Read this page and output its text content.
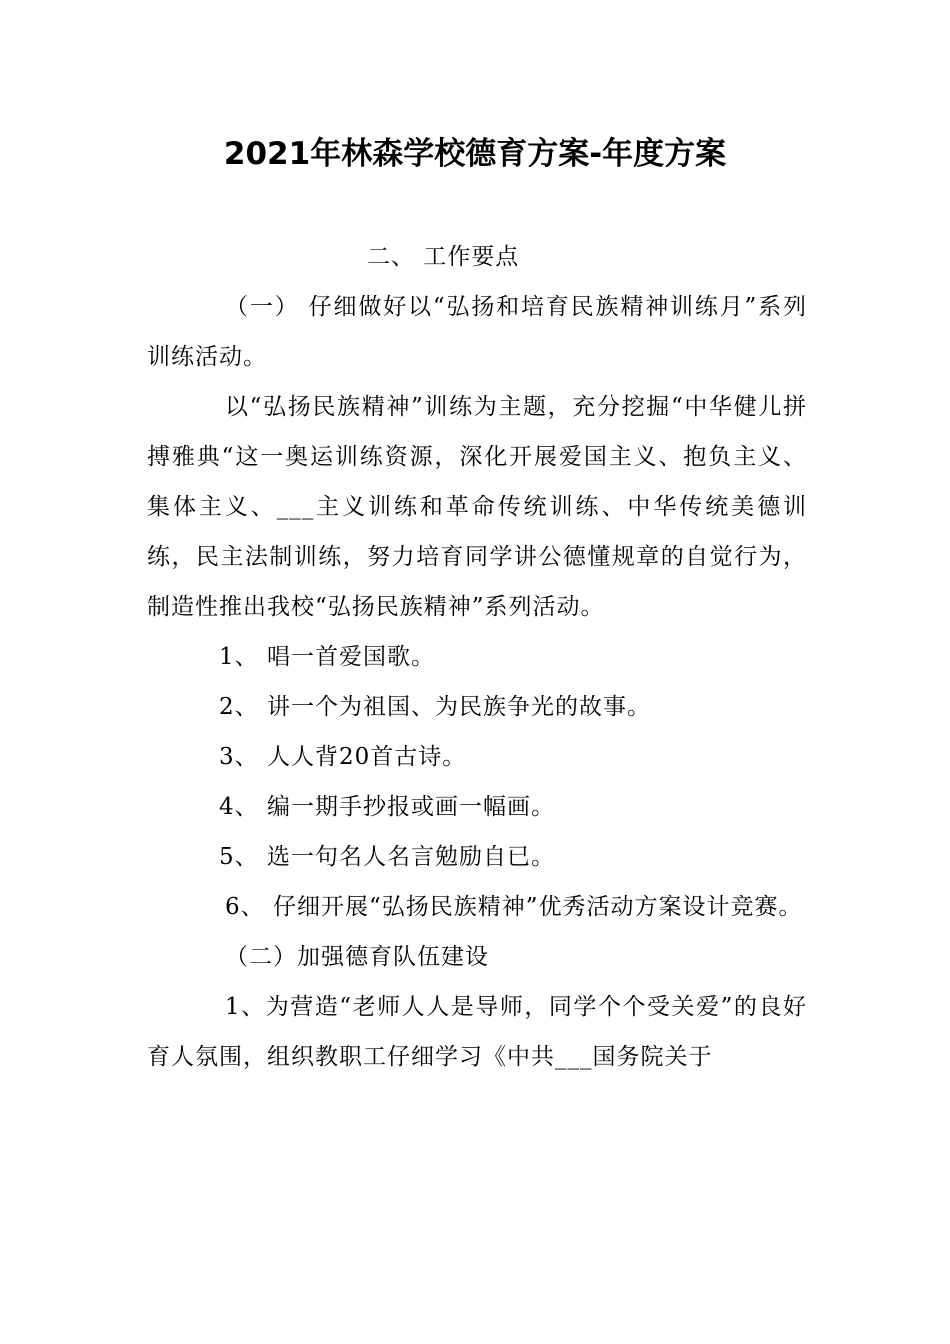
2021年林森学校德育方案-年度方案

二、 工作要点

（一） 仔细做好以“弘扬和培育民族精神训练月”系列训练活动。

以“弘扬民族精神”训练为主题，充分挖掘“中华健儿拼搏雅典“这一奥运训练资源，深化开展爱国主义、抱负主义、集体主义、___主义训练和革命传统训练、中华传统美德训练，民主法制训练，努力培育同学讲公德懂规章的自觉行为，制造性推出我校“弘扬民族精神”系列活动。

1、 唱一首爱国歌。

2、 讲一个为祖国、为民族争光的故事。

3、 人人背20首古诗。

4、 编一期手抄报或画一幅画。

5、 选一句名人名言勉励自已。

6、 仔细开展“弘扬民族精神”优秀活动方案设计竞赛。

（二）加强德育队伍建设

1、为营造“老师人人是导师，同学个个受关爱”的良好育人氛围，组织教职工仔细学习《中共___国务院关于
